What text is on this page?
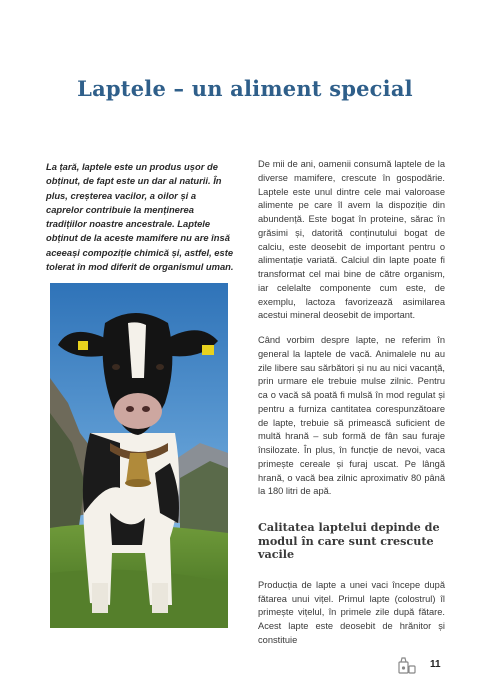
Laptele – un aliment special

La țară, laptele este un produs ușor de obținut, de fapt este un dar al naturii. În plus, creșterea vacilor, a oilor și a caprelor contribuie la menținerea tradițiilor noastre ancestrale. Laptele obținut de la aceste mamifere nu are însă aceeași compoziție chimică și, astfel, este tolerat în mod diferit de organismul uman.

De mii de ani, oamenii consumă laptele de la diverse mamifere, crescute în gospodărie. Laptele este unul dintre cele mai valoroase alimente pe care îl avem la dispoziție din abundență. Este bogat în proteine, sărac în grăsimi și, datorită conținutului bogat de calciu, este deosebit de important pentru o alimentație variată. Calciul din lapte poate fi transformat cel mai bine de către organism, iar celelalte componente cum este, de exemplu, lactoza favorizează asimilarea acestui mineral deosebit de important.

Când vorbim despre lapte, ne referim în general la laptele de vacă. Animalele nu au zile libere sau sărbători și nu au nici vacanță, prin urmare ele trebuie mulse zilnic. Pentru ca o vacă să poată fi mulsă în mod regulat și pentru a furniza cantitatea corespunzătoare de lapte, trebuie să primească suficient de multă hrană – sub formă de fân sau furaje însilozate. În plus, în funcție de nevoi, vaca primește cereale și furaj uscat. Pe lângă hrană, o vacă bea zilnic aproximativ 80 până la 180 litri de apă.

Calitatea laptelui depinde de modul în care sunt crescute vacile

Producția de lapte a unei vaci începe după fătarea unui vițel. Primul lapte (colostrul) îl primește vițelul, în primele zile după fătare. Acest lapte este deosebit de hrănitor și constituie

11
